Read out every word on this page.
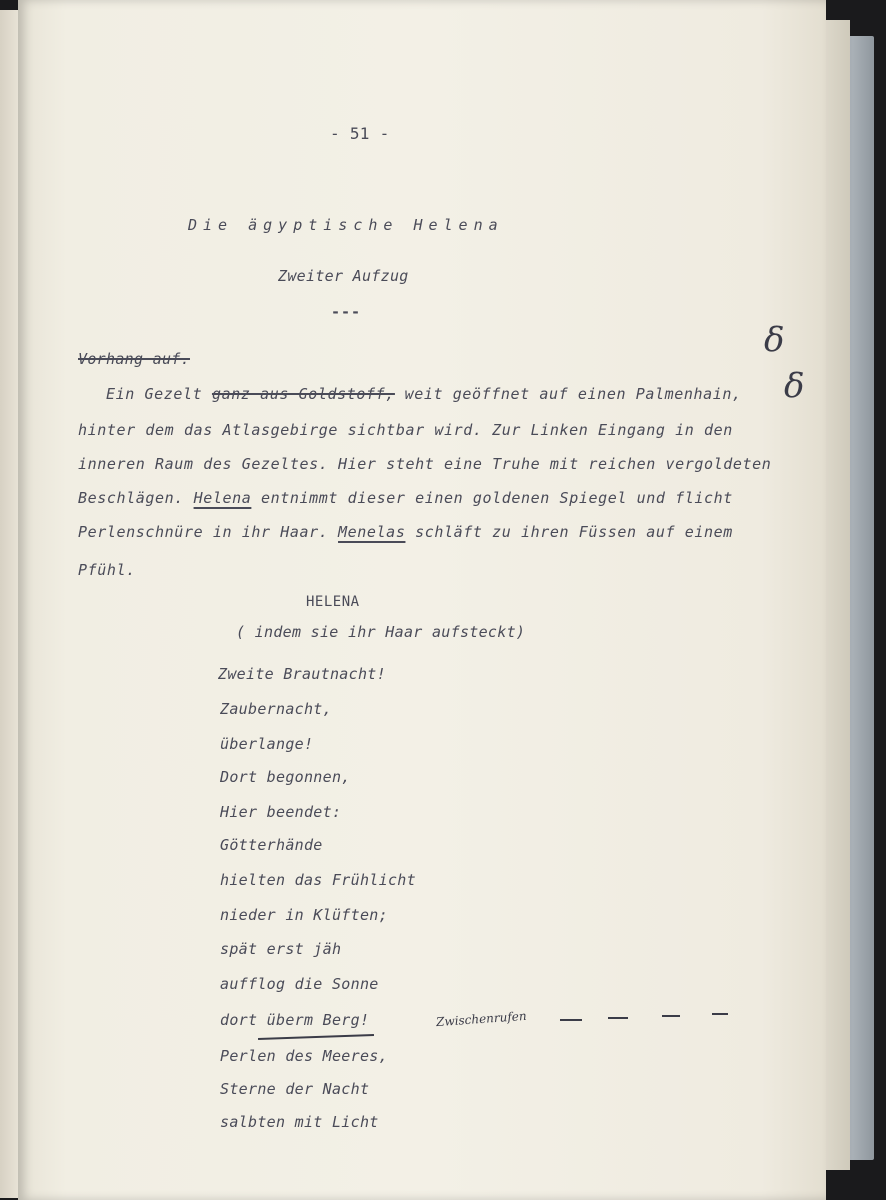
- 51 -
Die ägyptische Helena
Zweiter Aufzug
---
Vorhang auf.
Ein Gezelt ganz aus Goldstoff, weit geöffnet auf einen Palmenhain,
hinter dem das Atlasgebirge sichtbar wird. Zur Linken Eingang in den
inneren Raum des Gezeltes. Hier steht eine Truhe mit reichen vergoldeten
Beschlägen. Helena entnimmt dieser einen goldenen Spiegel und flicht
Perlenschnüre in ihr Haar. Menelas schläft zu ihren Füssen auf einem
Pfühl.
HELENA
( indem sie ihr Haar aufsteckt)
δ
δ
Zwischenrufen
Zweite Brautnacht!
Zaubernacht,
überlange!
Dort begonnen,
Hier beendet:
Götterhände
hielten das Frühlicht
nieder in Klüften;
spät erst jäh
aufflog die Sonne
dort überm Berg!
Perlen des Meeres,
Sterne der Nacht
salbten mit Licht
